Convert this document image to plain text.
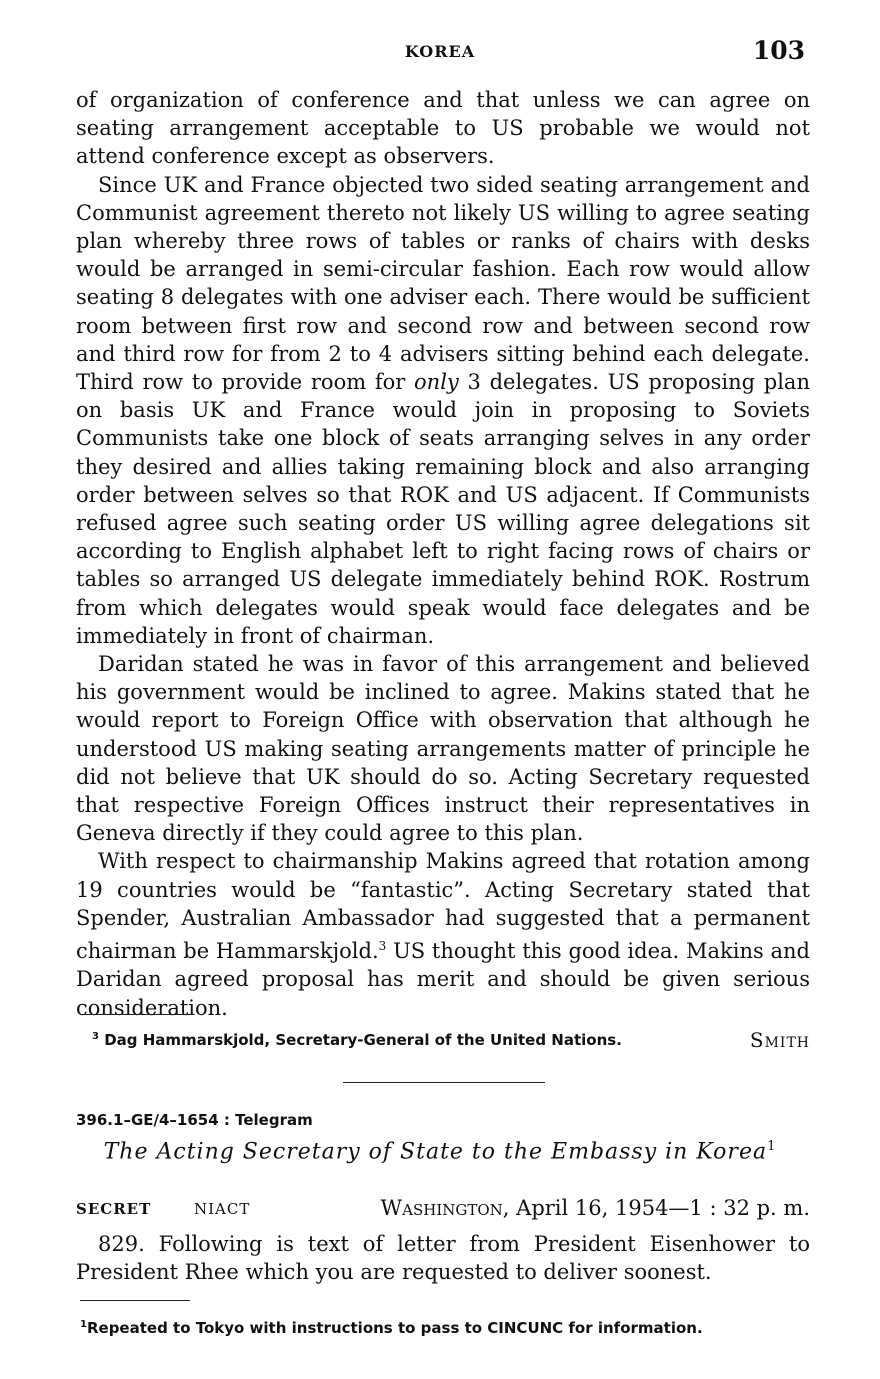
KOREA	103

of organization of conference and that unless we can agree on seating arrangement acceptable to US probable we would not attend conference except as observers.

Since UK and France objected two sided seating arrangement and Communist agreement thereto not likely US willing to agree seating plan whereby three rows of tables or ranks of chairs with desks would be arranged in semi-circular fashion. Each row would allow seating 8 delegates with one adviser each. There would be sufficient room between first row and second row and between second row and third row for from 2 to 4 advisers sitting behind each delegate. Third row to provide room for only 3 delegates. US proposing plan on basis UK and France would join in proposing to Soviets Communists take one block of seats arranging selves in any order they desired and allies taking remaining block and also arranging order between selves so that ROK and US adjacent. If Communists refused agree such seating order US willing agree delegations sit according to English alphabet left to right facing rows of chairs or tables so arranged US delegate immediately behind ROK. Rostrum from which delegates would speak would face delegates and be immediately in front of chairman.

Daridan stated he was in favor of this arrangement and believed his government would be inclined to agree. Makins stated that he would report to Foreign Office with observation that although he understood US making seating arrangements matter of principle he did not believe that UK should do so. Acting Secretary requested that respective Foreign Offices instruct their representatives in Geneva directly if they could agree to this plan.

With respect to chairmanship Makins agreed that rotation among 19 countries would be “fantastic”. Acting Secretary stated that Spender, Australian Ambassador had suggested that a permanent chairman be Hammarskjold.$^3$ US thought this good idea. Makins and Daridan agreed proposal has merit and should be given serious consideration.

Smith
$^3$ Dag Hammarskjold, Secretary-General of the United Nations.
396.1–GE/4–1654 : Telegram
The Acting Secretary of State to the Embassy in Korea$^1$
SECRET	NIACT	Washington, April 16, 1954—1 : 32 p. m.

829. Following is text of letter from President Eisenhower to President Rhee which you are requested to deliver soonest.

$^1$Repeated to Tokyo with instructions to pass to CINCUNC for information.
